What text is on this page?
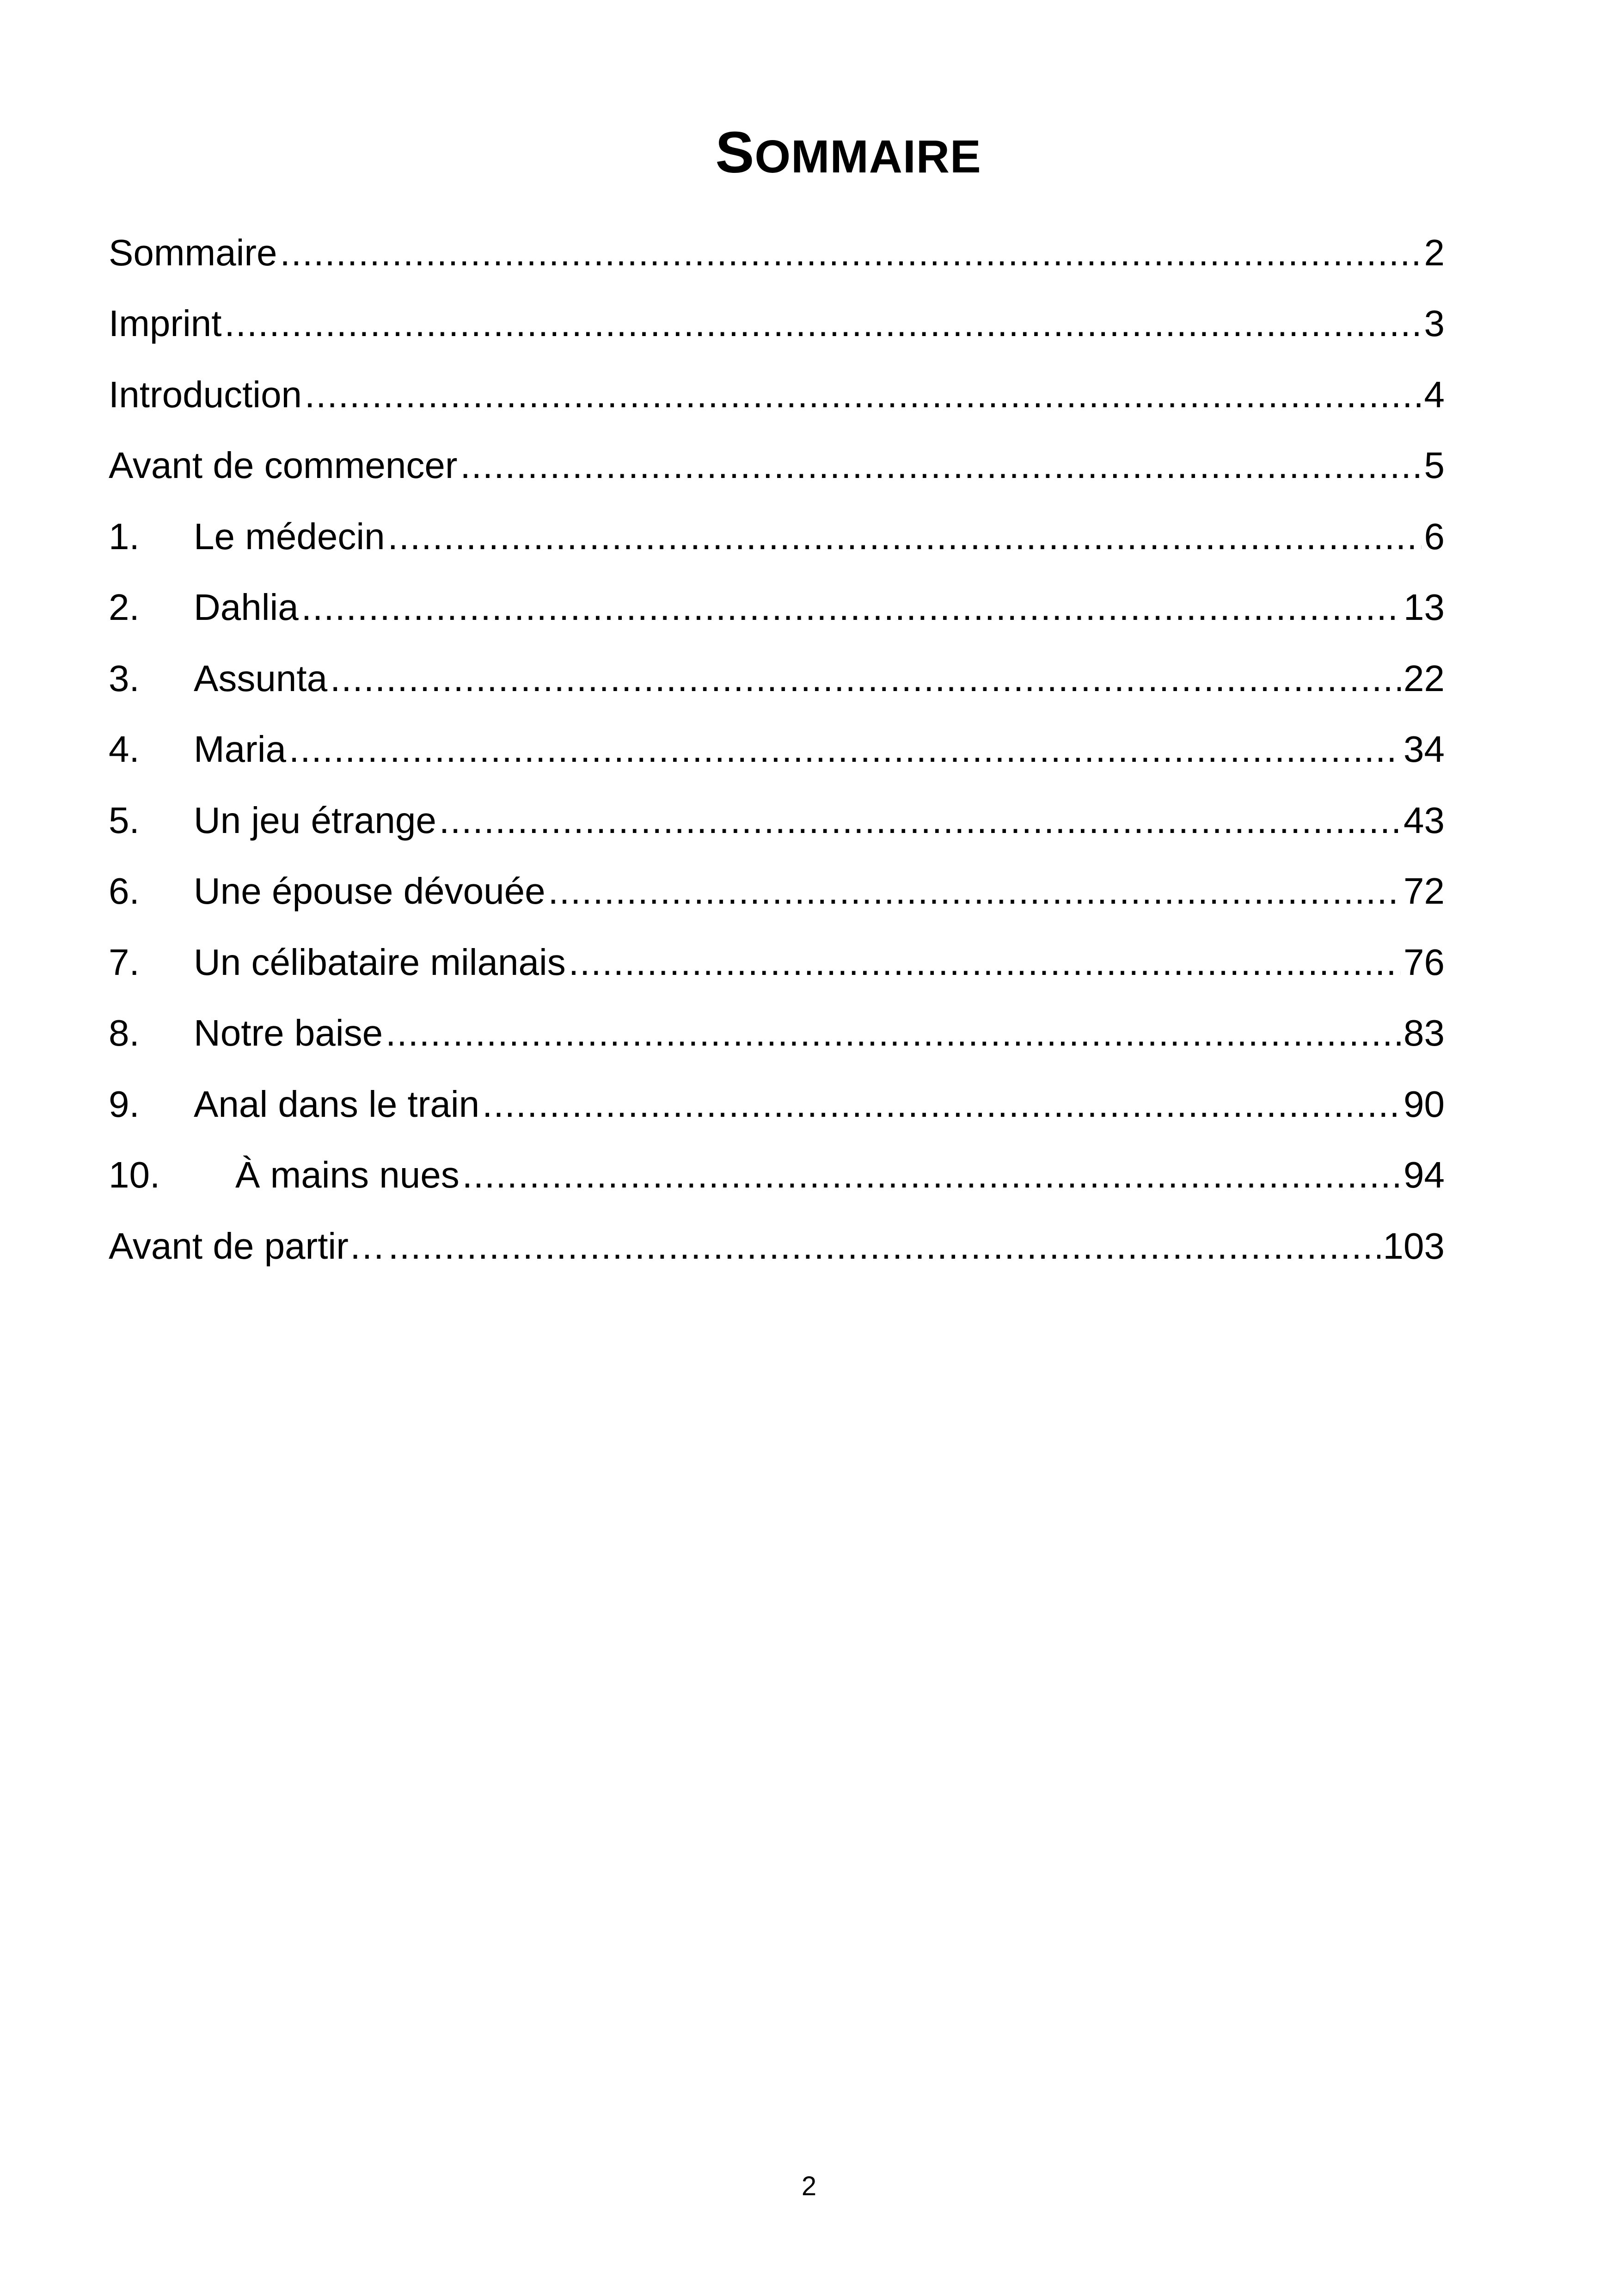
SOMMAIRE
Sommaire .....	2
Imprint .....	3
Introduction .....	4
Avant de commencer .....	5
1.	Le médecin .....	6
2.	Dahlia .....	13
3.	Assunta .....	22
4.	Maria .....	34
5.	Un jeu étrange .....	43
6.	Une épouse dévouée .....	72
7.	Un célibataire milanais .....	76
8.	Notre baise .....	83
9.	Anal dans le train .....	90
10.	À mains nues .....	94
Avant de partir… .....	103
2
